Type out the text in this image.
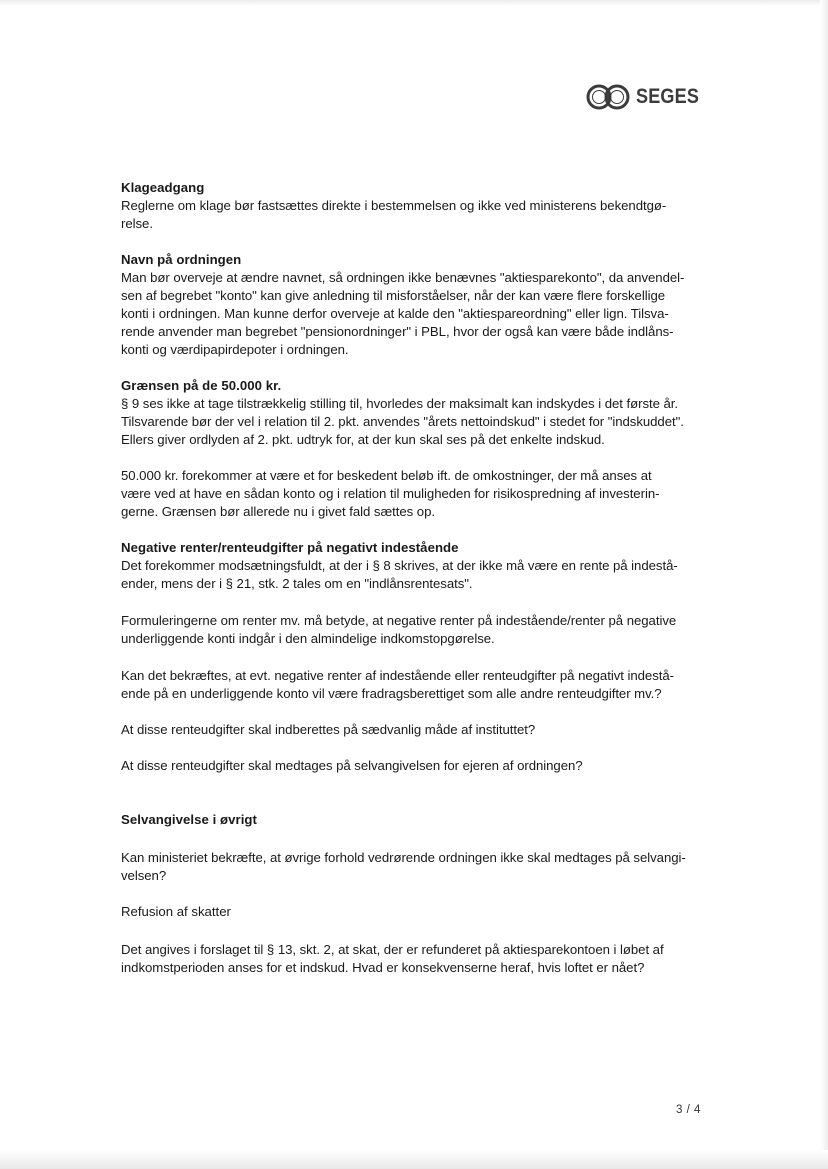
SEGES

Klageadgang

Reglerne om klage bør fastsættes direkte i bestemmelsen og ikke ved ministerens bekendtgø-

relse.

Navn på ordningen

Man bør overveje at ændre navnet, så ordningen ikke benævnes "aktiesparekonto", da anvendel-

sen af begrebet "konto" kan give anledning til misforståelser, når der kan være flere forskellige

konti i ordningen. Man kunne derfor overveje at kalde den "aktiespareordning" eller lign. Tilsva-

rende anvender man begrebet "pensionordninger" i PBL, hvor der også kan være både indlåns-

konti og værdipapirdepoter i ordningen.

Grænsen på de 50.000 kr.

§ 9 ses ikke at tage tilstrækkelig stilling til, hvorledes der maksimalt kan indskydes i det første år.

Tilsvarende bør der vel i relation til 2. pkt. anvendes "årets nettoindskud" i stedet for "indskuddet".

Ellers giver ordlyden af 2. pkt. udtryk for, at der kun skal ses på det enkelte indskud.

50.000 kr. forekommer at være et for beskedent beløb ift. de omkostninger, der må anses at

være ved at have en sådan konto og i relation til muligheden for risikospredning af investerin-

gerne. Grænsen bør allerede nu i givet fald sættes op.

Negative renter/renteudgifter på negativt indestående

Det forekommer modsætningsfuldt, at der i § 8 skrives, at der ikke må være en rente på indestå-

ender, mens der i § 21, stk. 2 tales om en "indlånsrentesats".

Formuleringerne om renter mv. må betyde, at negative renter på indestående/renter på negative

underliggende konti indgår i den almindelige indkomstopgørelse.

Kan det bekræftes, at evt. negative renter af indestående eller renteudgifter på negativt indestå-

ende på en underliggende konto vil være fradragsberettiget som alle andre renteudgifter mv.?

At disse renteudgifter skal indberettes på sædvanlig måde af instituttet?

At disse renteudgifter skal medtages på selvangivelsen for ejeren af ordningen?

Selvangivelse i øvrigt

Kan ministeriet bekræfte, at øvrige forhold vedrørende ordningen ikke skal medtages på selvangi-

velsen?

Refusion af skatter

Det angives i forslaget til § 13, skt. 2, at skat, der er refunderet på aktiesparekontoen i løbet af

indkomstperioden anses for et indskud. Hvad er konsekvenserne heraf, hvis loftet er nået?

3 / 4
